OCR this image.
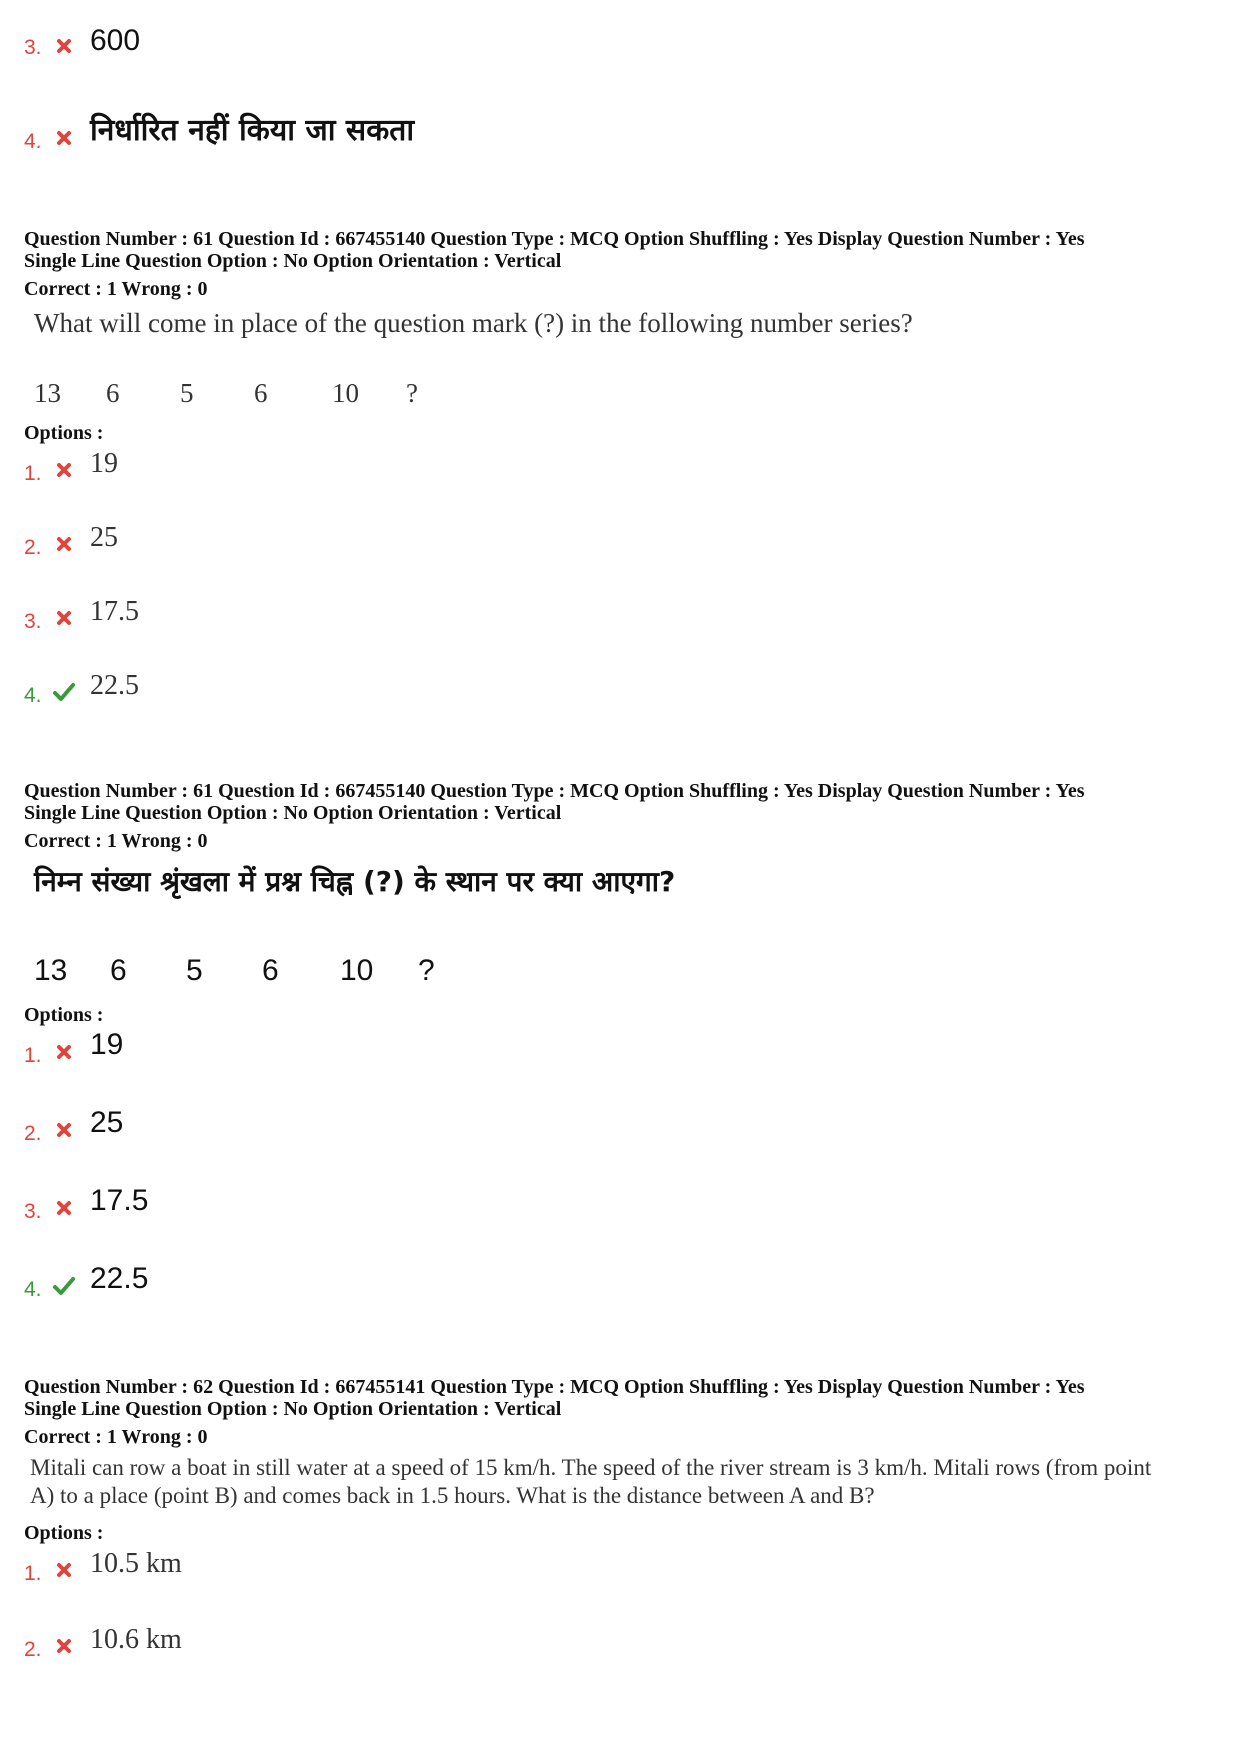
3. 600
4. निर्धारित नहीं किया जा सकता
Question Number : 61 Question Id : 667455140 Question Type : MCQ Option Shuffling : Yes Display Question Number : Yes
Single Line Question Option : No Option Orientation : Vertical
Correct : 1 Wrong : 0
What will come in place of the question mark (?) in the following number series?
13 6 5 6 10 ?
Options :
1. 19
2. 25
3. 17.5
4. 22.5
Question Number : 61 Question Id : 667455140 Question Type : MCQ Option Shuffling : Yes Display Question Number : Yes
Single Line Question Option : No Option Orientation : Vertical
Correct : 1 Wrong : 0
निम्न संख्या श्रृंखला में प्रश्न चिह्न (?) के स्थान पर क्या आएगा?
13 6 5 6 10 ?
Options :
1. 19
2. 25
3. 17.5
4. 22.5
Question Number : 62 Question Id : 667455141 Question Type : MCQ Option Shuffling : Yes Display Question Number : Yes
Single Line Question Option : No Option Orientation : Vertical
Correct : 1 Wrong : 0
Mitali can row a boat in still water at a speed of 15 km/h. The speed of the river stream is 3 km/h. Mitali rows (from point
A) to a place (point B) and comes back in 1.5 hours. What is the distance between A and B?
Options :
1. 10.5 km
2. 10.6 km
